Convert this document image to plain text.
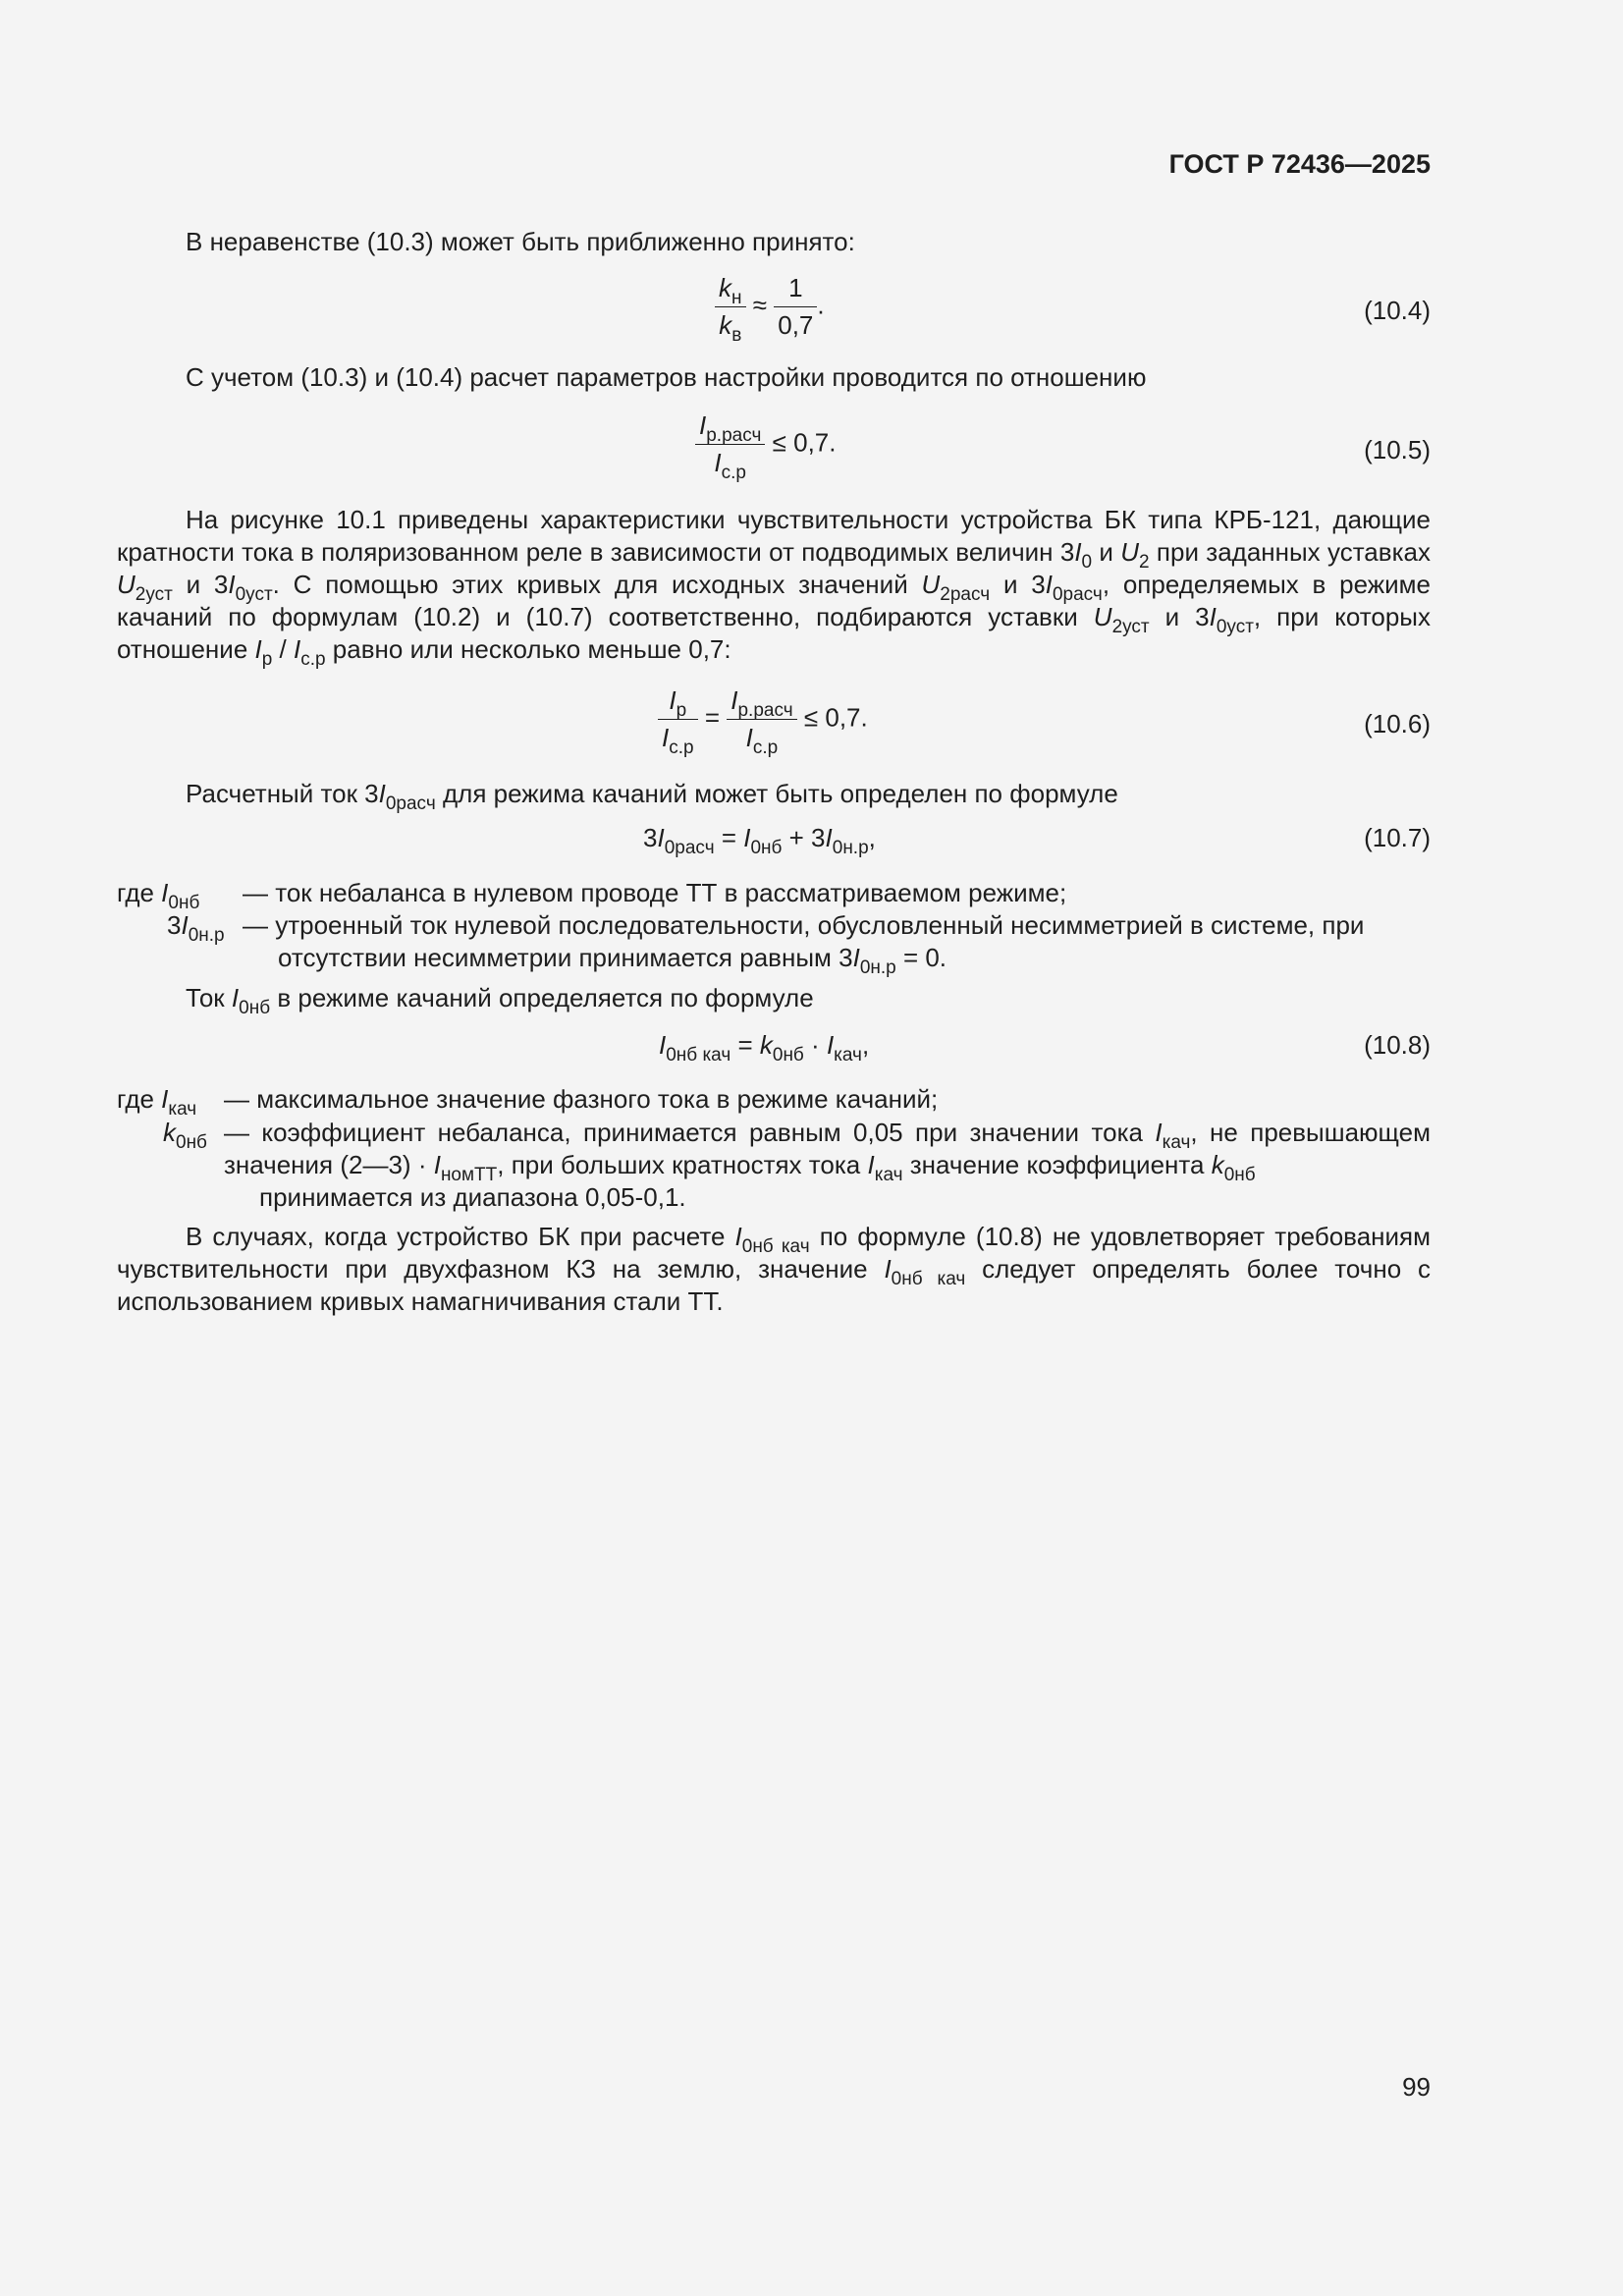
ГОСТ Р 72436—2025
В неравенстве (10.3) может быть приближенно принято:
$\frac{k_н}{k_в} \approx \frac{1}{0,7}$ .	(10.4)
С учетом (10.3) и (10.4) расчет параметров настройки проводится по отношению
$\frac{I_{р.расч}}{I_{с.р}} \le 0,7$.	(10.5)
На рисунке 10.1 приведены характеристики чувствительности устройства БК типа КРБ-121, дающие кратности тока в поляризованном реле в зависимости от подводимых величин $3I_0$ и $U_2$ при заданных уставках $U_{2уст}$ и $3I_{0уст}$. С помощью этих кривых для исходных значений $U_{2расч}$ и $3I_{0расч}$, определяемых в режиме качаний по формулам (10.2) и (10.7) соответственно, подбираются уставки $U_{2уст}$ и $3I_{0уст}$, при которых отношение $I_р / I_{с.р}$ равно или несколько меньше 0,7:
$\frac{I_р}{I_{с.р}} = \frac{I_{р.расч}}{I_{с.р}} \le 0,7$.	(10.6)
Расчетный ток $3I_{0расч}$ для режима качаний может быть определен по формуле
$3I_{0расч} = I_{0нб} + 3I_{0н.р}$,	(10.7)
где $I_{0нб}$ — ток небаланса в нулевом проводе ТТ в рассматриваемом режиме;
$3I_{0н.р}$ — утроенный ток нулевой последовательности, обусловленный несимметрией в системе, при
отсутствии несимметрии принимается равным $3I_{0н.р} = 0$.
Ток $I_{0нб}$ в режиме качаний определяется по формуле
$I_{0нб кач} = k_{0нб} \cdot I_{кач}$,	(10.8)
где $I_{кач}$ — максимальное значение фазного тока в режиме качаний;
$k_{0нб}$ — коэффициент небаланса, принимается равным 0,05 при значении тока $I_{кач}$, не превышающем значения (2—3) · $I_{номТТ}$, при больших кратностях тока $I_{кач}$ значение коэффициента $k_{0нб}$
принимается из диапазона 0,05-0,1.
В случаях, когда устройство БК при расчете $I_{0нб кач}$ по формуле (10.8) не удовлетворяет требованиям чувствительности при двухфазном КЗ на землю, значение $I_{0нб кач}$ следует определять более точно с использованием кривых намагничивания стали ТТ.
99
